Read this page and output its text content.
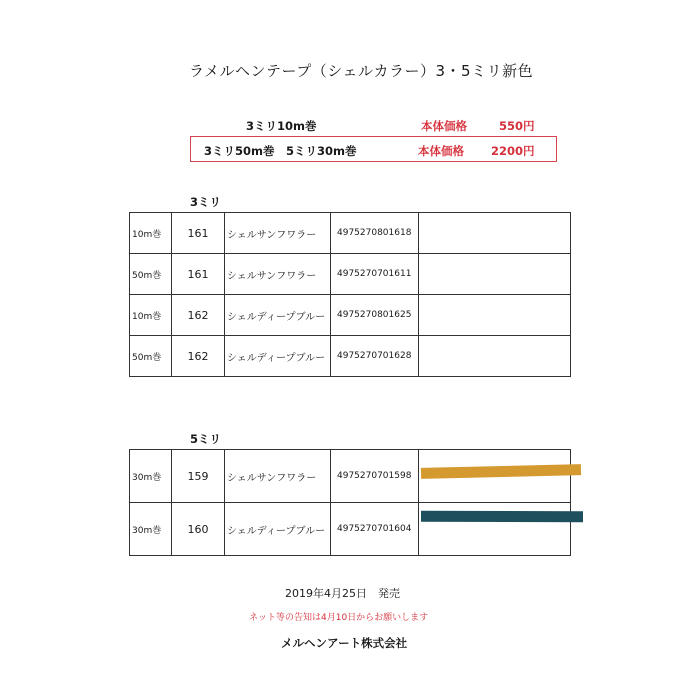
ラメルヘンテープ（シェルカラー）3・5ミリ新色
3ミリ10m巻	本体価格	550円
3ミリ50m巻　5ミリ30m巻	本体価格 2200円
3ミリ
10m巻	161	シェルサンフワラー	4975270801618	
50m巻	161	シェルサンフワラー	4975270701611	
10m巻	162	シェルディープブルー	4975270801625	
50m巻	162	シェルディープブルー	4975270701628	
5ミリ
30m巻	159	シェルサンフワラー	4975270701598	

30m巻	160	シェルディープブルー	4975270701604	
2019年4月25日　発売
ネット等の告知は4月10日からお願いします
メルヘンアート株式会社
